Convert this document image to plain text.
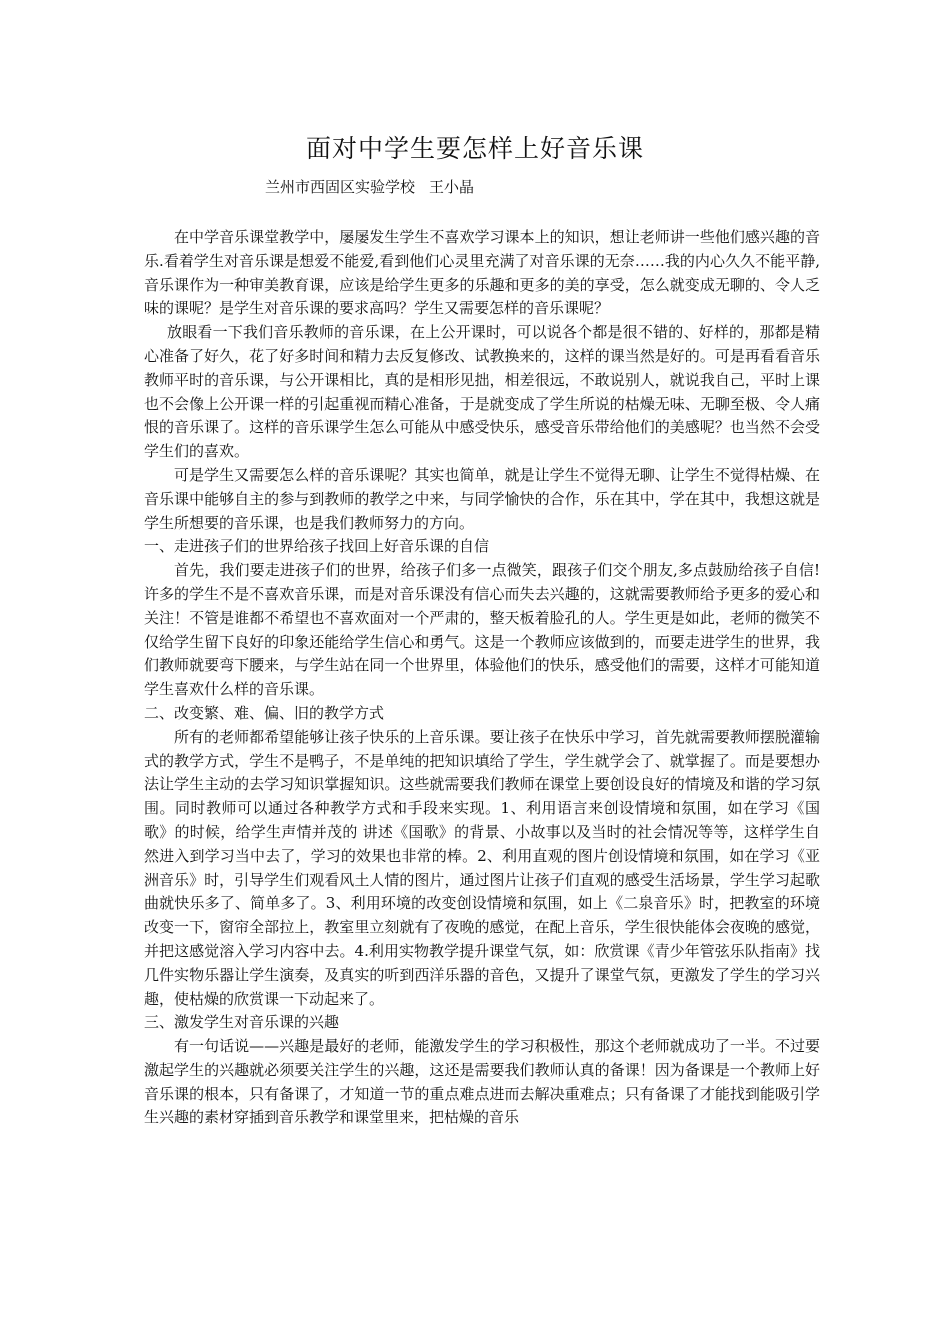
面对中学生要怎样上好音乐课
兰州市西固区实验学校 王小晶

在中学音乐课堂教学中，屡屡发生学生不喜欢学习课本上的知识，想让老师讲一些他们感兴趣的音乐.看着学生对音乐课是想爱不能爱,看到他们心灵里充满了对音乐课的无奈……我的内心久久不能平静,音乐课作为一种审美教育课，应该是给学生更多的乐趣和更多的美的享受，怎么就变成无聊的、令人乏味的课呢？是学生对音乐课的要求高吗？学生又需要怎样的音乐课呢？

放眼看一下我们音乐教师的音乐课，在上公开课时，可以说各个都是很不错的、好样的，那都是精心准备了好久，花了好多时间和精力去反复修改、试教换来的，这样的课当然是好的。可是再看看音乐教师平时的音乐课，与公开课相比，真的是相形见拙，相差很远，不敢说别人，就说我自己，平时上课也不会像上公开课一样的引起重视而精心准备，于是就变成了学生所说的枯燥无味、无聊至极、令人痛恨的音乐课了。这样的音乐课学生怎么可能从中感受快乐，感受音乐带给他们的美感呢？也当然不会受学生们的喜欢。

可是学生又需要怎么样的音乐课呢？其实也简单，就是让学生不觉得无聊、让学生不觉得枯燥、在音乐课中能够自主的参与到教师的教学之中来，与同学愉快的合作，乐在其中，学在其中，我想这就是学生所想要的音乐课，也是我们教师努力的方向。

一、走进孩子们的世界给孩子找回上好音乐课的自信

首先，我们要走进孩子们的世界，给孩子们多一点微笑，跟孩子们交个朋友,多点鼓励给孩子自信!许多的学生不是不喜欢音乐课，而是对音乐课没有信心而失去兴趣的，这就需要教师给予更多的爱心和关注！不管是谁都不希望也不喜欢面对一个严肃的，整天板着脸孔的人。学生更是如此，老师的微笑不仅给学生留下良好的印象还能给学生信心和勇气。这是一个教师应该做到的，而要走进学生的世界，我们教师就要弯下腰来，与学生站在同一个世界里，体验他们的快乐，感受他们的需要，这样才可能知道学生喜欢什么样的音乐课。

二、改变繁、难、偏、旧的教学方式

所有的老师都希望能够让孩子快乐的上音乐课。要让孩子在快乐中学习，首先就需要教师摆脱灌输式的教学方式，学生不是鸭子，不是单纯的把知识填给了学生，学生就学会了、就掌握了。而是要想办法让学生主动的去学习知识掌握知识。这些就需要我们教师在课堂上要创设良好的情境及和谐的学习氛围。同时教师可以通过各种教学方式和手段来实现。1、利用语言来创设情境和氛围，如在学习《国歌》的时候，给学生声情并茂的 讲述《国歌》的背景、小故事以及当时的社会情况等等，这样学生自然进入到学习当中去了，学习的效果也非常的棒。2、利用直观的图片创设情境和氛围，如在学习《亚洲音乐》时，引导学生们观看风土人情的图片，通过图片让孩子们直观的感受生活场景，学生学习起歌曲就快乐多了、简单多了。3、利用环境的改变创设情境和氛围，如上《二泉音乐》时，把教室的环境改变一下，窗帘全部拉上，教室里立刻就有了夜晚的感觉，在配上音乐，学生很快能体会夜晚的感觉，并把这感觉溶入学习内容中去。4.利用实物教学提升课堂气氛，如：欣赏课《青少年管弦乐队指南》找几件实物乐器让学生演奏，及真实的听到西洋乐器的音色，又提升了课堂气氛，更激发了学生的学习兴趣，使枯燥的欣赏课一下动起来了。

三、激发学生对音乐课的兴趣

有一句话说——兴趣是最好的老师，能激发学生的学习积极性，那这个老师就成功了一半。不过要激起学生的兴趣就必须要关注学生的兴趣，这还是需要我们教师认真的备课！因为备课是一个教师上好音乐课的根本，只有备课了，才知道一节的重点难点进而去解决重难点；只有备课了才能找到能吸引学生兴趣的素材穿插到音乐教学和课堂里来，把枯燥的音乐
